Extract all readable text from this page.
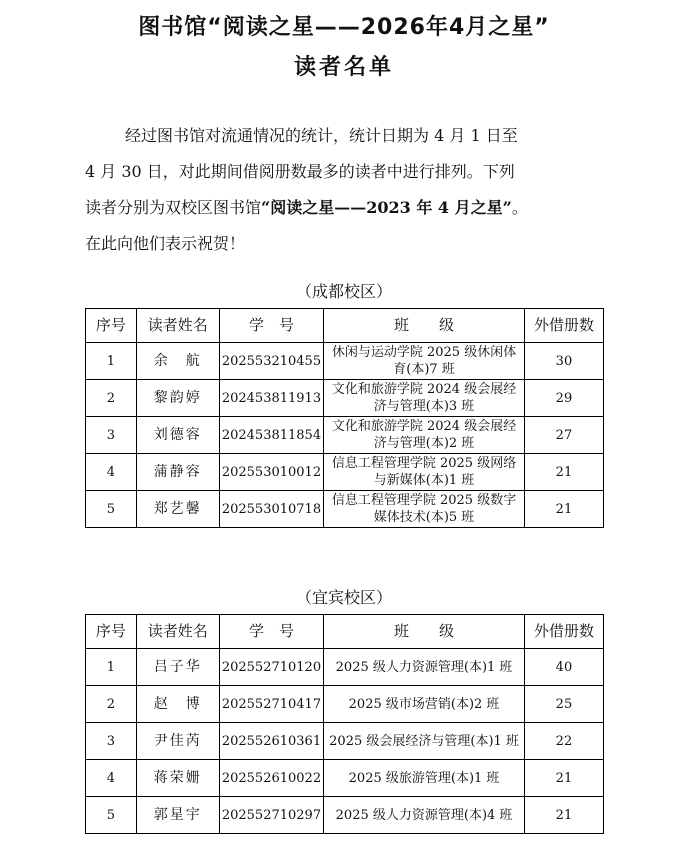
图书馆“阅读之星——2026年4月之星”
读者名单
经过图书馆对流通情况的统计，统计日期为 4 月 1 日至
4 月 30 日，对此期间借阅册数最多的读者中进行排列。下列
读者分别为双校区图书馆“阅读之星——2023 年 4 月之星”。
在此向他们表示祝贺！
（成都校区）
序号	读者姓名	学　号	班　　级	外借册数
1	余　航	202553210455	休闲与运动学院 2025 级休闲体育(本)7 班	30
2	黎韵婷	202453811913	文化和旅游学院 2024 级会展经济与管理(本)3 班	29
3	刘德容	202453811854	文化和旅游学院 2024 级会展经济与管理(本)2 班	27
4	蒲静容	202553010012	信息工程管理学院 2025 级网络与新媒体(本)1 班	21
5	郑艺馨	202553010718	信息工程管理学院 2025 级数字媒体技术(本)5 班	21
（宜宾校区）
序号	读者姓名	学　号	班　　级	外借册数
1	吕子华	202552710120	2025 级人力资源管理(本)1 班	40
2	赵　博	202552710417	2025 级市场营销(本)2 班	25
3	尹佳芮	202552610361	2025 级会展经济与管理(本)1 班	22
4	蒋荣姗	202552610022	2025 级旅游管理(本)1 班	21
5	郭星宇	202552710297	2025 级人力资源管理(本)4 班	21
